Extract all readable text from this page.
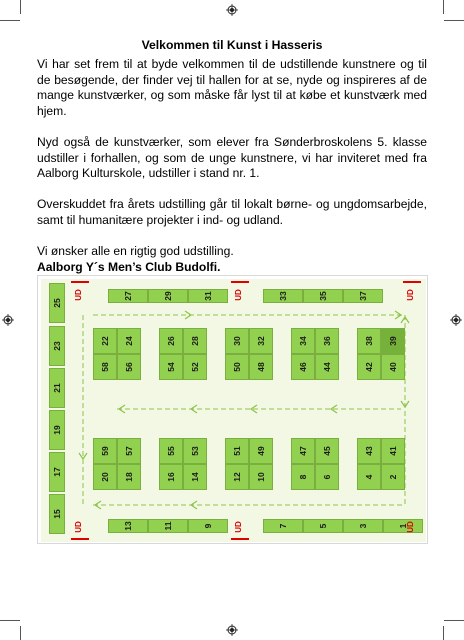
Velkommen til Kunst i Hasseris

Vi har set frem til at byde velkommen til de udstillende kunstnere og til de besøgende, der finder vej til hallen for at se, nyde og inspireres af de mange kunstværker, og som måske får lyst til at købe et kunstværk med hjem.

Nyd også de kunstværker, som elever fra Sønderbroskolens 5. klasse udstiller i forhallen, og som de unge kunstnere, vi har inviteret med fra Aalborg Kulturskole, udstiller i stand nr. 1.

Overskuddet fra årets udstilling går til lokalt børne- og ungdomsarbejde, samt til humanitære projekter i ind- og udland.

Vi ønsker alle en rigtig god udstilling.

Aalborg Y´s Men’s Club Budolfi.
25
23
21
19
17
15
27	29	31	33	35	37
13	11	9	7	5	3	1
22 24
58 56
26 28
54 52
30 32
50 48
34 36
46 44
38 39
42 40
59 57
20 18
55 53
16 14
51 49
12 10
47 45
8 6
43 41
4 2
UD	UD	UD
UD	UD	UD
